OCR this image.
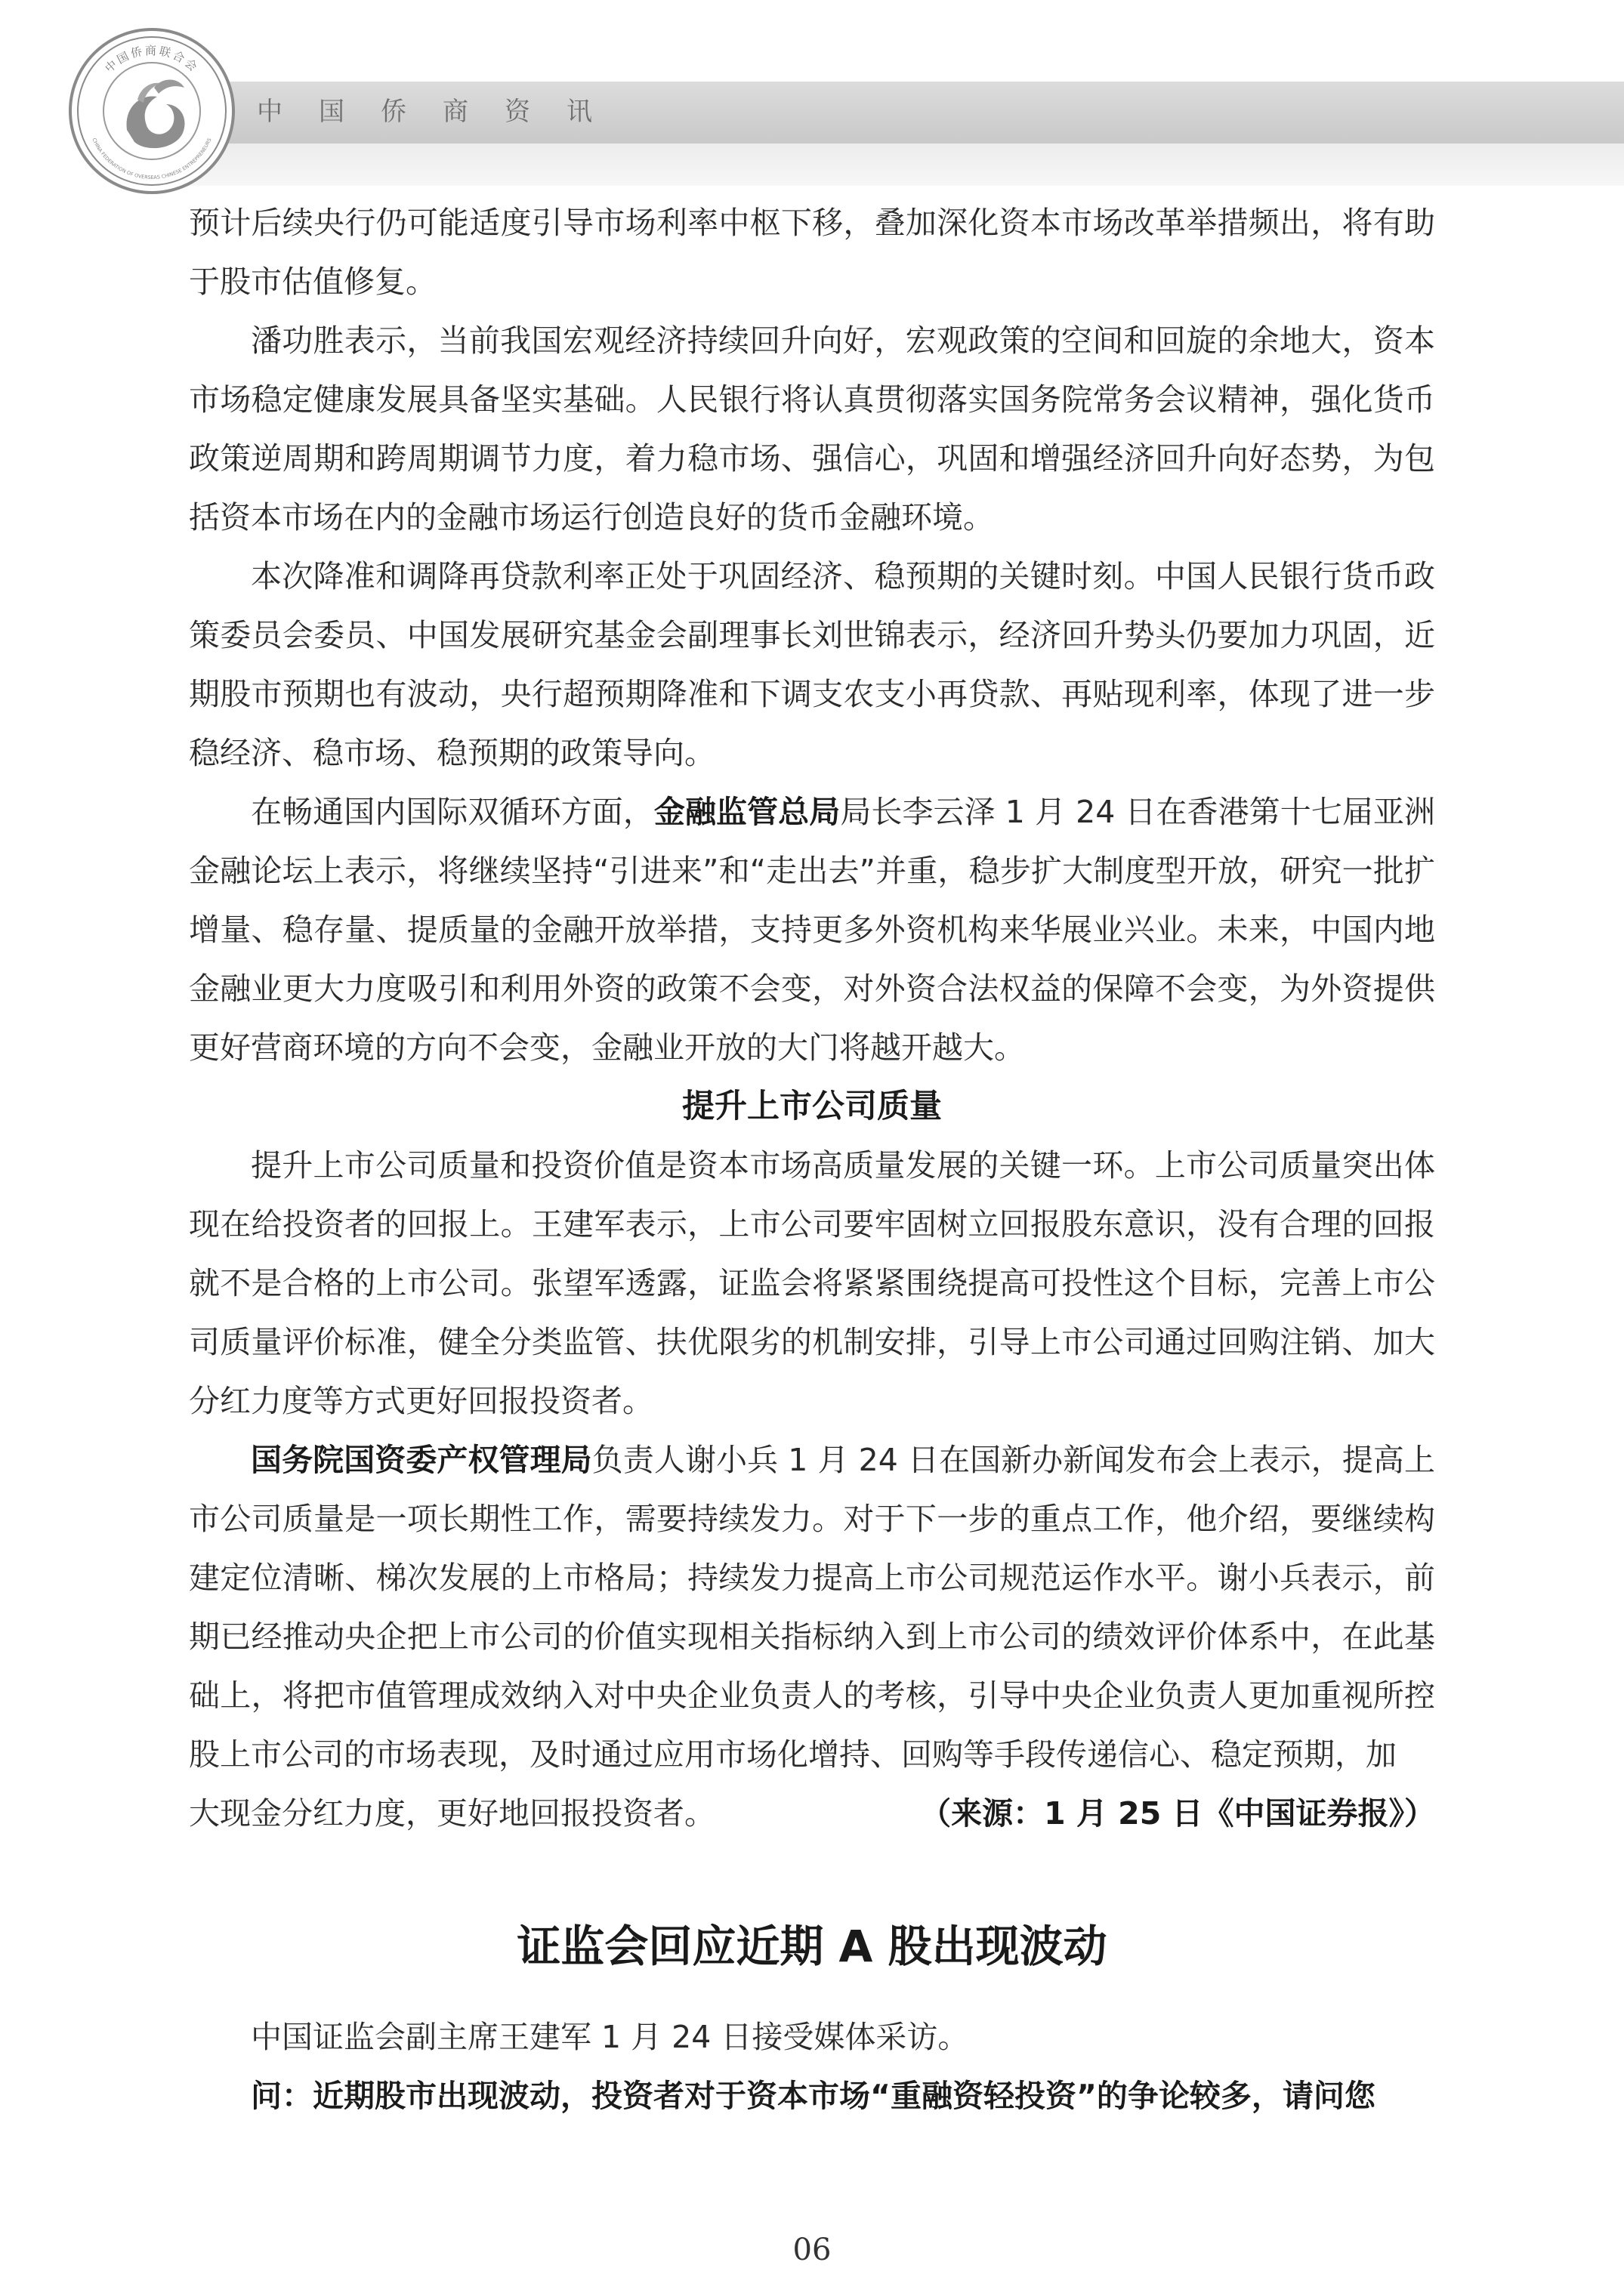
中国侨商资讯
中国侨商联合会
CHINA FEDERATION OF OVERSEAS CHINESE ENTREPRENEURS

预计后续央行仍可能适度引导市场利率中枢下移，叠加深化资本市场改革举措频出，将有助于股市估值修复。

潘功胜表示，当前我国宏观经济持续回升向好，宏观政策的空间和回旋的余地大，资本市场稳定健康发展具备坚实基础。人民银行将认真贯彻落实国务院常务会议精神，强化货币政策逆周期和跨周期调节力度，着力稳市场、强信心，巩固和增强经济回升向好态势，为包括资本市场在内的金融市场运行创造良好的货币金融环境。

本次降准和调降再贷款利率正处于巩固经济、稳预期的关键时刻。中国人民银行货币政策委员会委员、中国发展研究基金会副理事长刘世锦表示，经济回升势头仍要加力巩固，近期股市预期也有波动，央行超预期降准和下调支农支小再贷款、再贴现利率，体现了进一步稳经济、稳市场、稳预期的政策导向。

在畅通国内国际双循环方面，金融监管总局局长李云泽 1 月 24 日在香港第十七届亚洲金融论坛上表示，将继续坚持“引进来”和“走出去”并重，稳步扩大制度型开放，研究一批扩增量、稳存量、提质量的金融开放举措，支持更多外资机构来华展业兴业。未来，中国内地金融业更大力度吸引和利用外资的政策不会变，对外资合法权益的保障不会变，为外资提供更好营商环境的方向不会变，金融业开放的大门将越开越大。

提升上市公司质量

提升上市公司质量和投资价值是资本市场高质量发展的关键一环。上市公司质量突出体现在给投资者的回报上。王建军表示，上市公司要牢固树立回报股东意识，没有合理的回报就不是合格的上市公司。张望军透露，证监会将紧紧围绕提高可投性这个目标，完善上市公司质量评价标准，健全分类监管、扶优限劣的机制安排，引导上市公司通过回购注销、加大分红力度等方式更好回报投资者。

国务院国资委产权管理局负责人谢小兵 1 月 24 日在国新办新闻发布会上表示，提高上市公司质量是一项长期性工作，需要持续发力。对于下一步的重点工作，他介绍，要继续构建定位清晰、梯次发展的上市格局；持续发力提高上市公司规范运作水平。谢小兵表示，前期已经推动央企把上市公司的价值实现相关指标纳入到上市公司的绩效评价体系中，在此基础上，将把市值管理成效纳入对中央企业负责人的考核，引导中央企业负责人更加重视所控股上市公司的市场表现，及时通过应用市场化增持、回购等手段传递信心、稳定预期，加

大现金分红力度，更好地回报投资者。	（来源：1 月 25 日《中国证券报》）
证监会回应近期 A 股出现波动

中国证监会副主席王建军 1 月 24 日接受媒体采访。

问：近期股市出现波动，投资者对于资本市场“重融资轻投资”的争论较多，请问您

06
